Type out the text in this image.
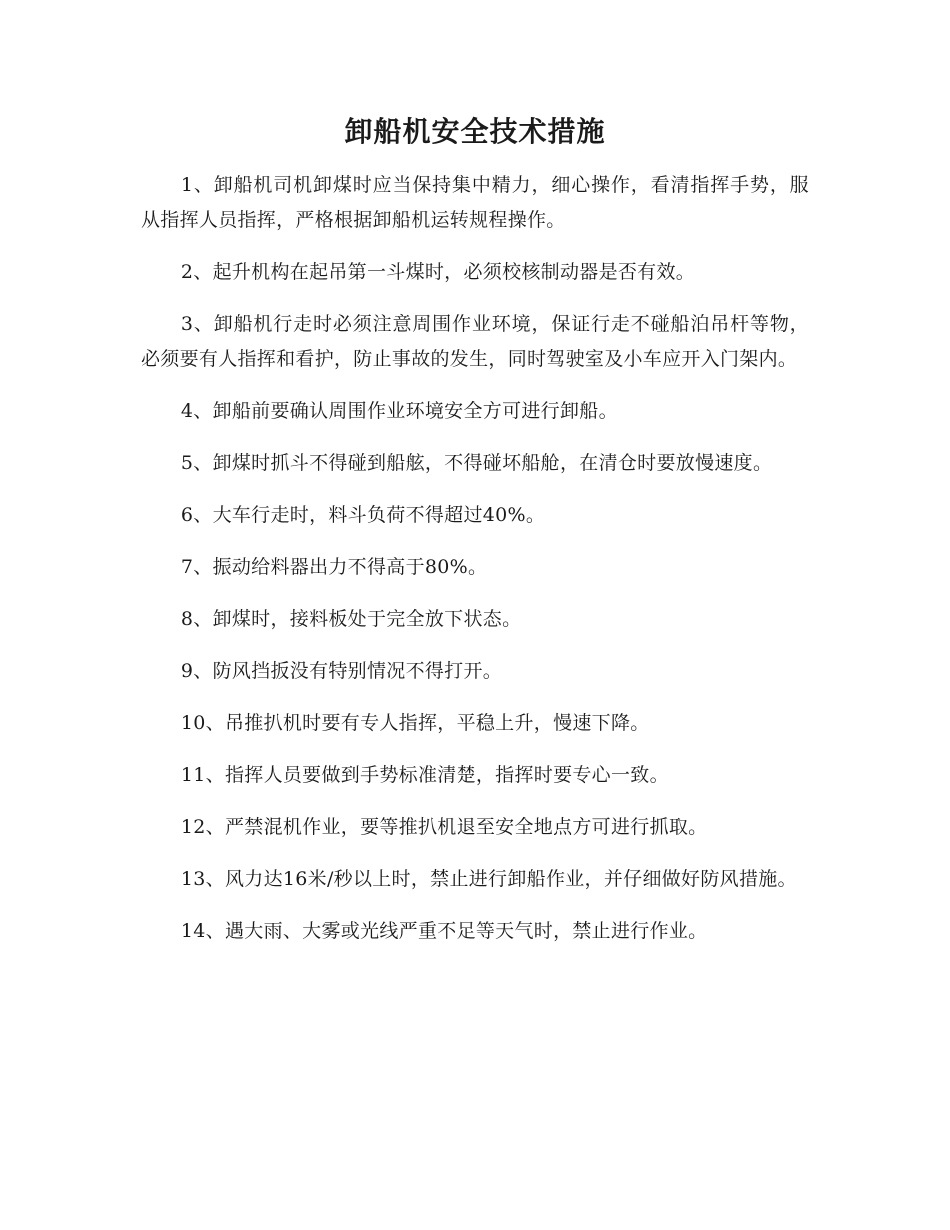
卸船机安全技术措施

1、卸船机司机卸煤时应当保持集中精力，细心操作，看清指挥手势，服从指挥人员指挥，严格根据卸船机运转规程操作。

2、起升机构在起吊第一斗煤时，必须校核制动器是否有效。

3、卸船机行走时必须注意周围作业环境，保证行走不碰船泊吊杆等物，必须要有人指挥和看护，防止事故的发生，同时驾驶室及小车应开入门架内。

4、卸船前要确认周围作业环境安全方可进行卸船。

5、卸煤时抓斗不得碰到船舷，不得碰坏船舱，在清仓时要放慢速度。

6、大车行走时，料斗负荷不得超过40%。

7、振动给料器出力不得高于80%。

8、卸煤时，接料板处于完全放下状态。

9、防风挡扳没有特别情况不得打开。

10、吊推扒机时要有专人指挥，平稳上升，慢速下降。

11、指挥人员要做到手势标准清楚，指挥时要专心一致。

12、严禁混机作业，要等推扒机退至安全地点方可进行抓取。

13、风力达16米/秒以上时，禁止进行卸船作业，并仔细做好防风措施。

14、遇大雨、大雾或光线严重不足等天气时，禁止进行作业。
